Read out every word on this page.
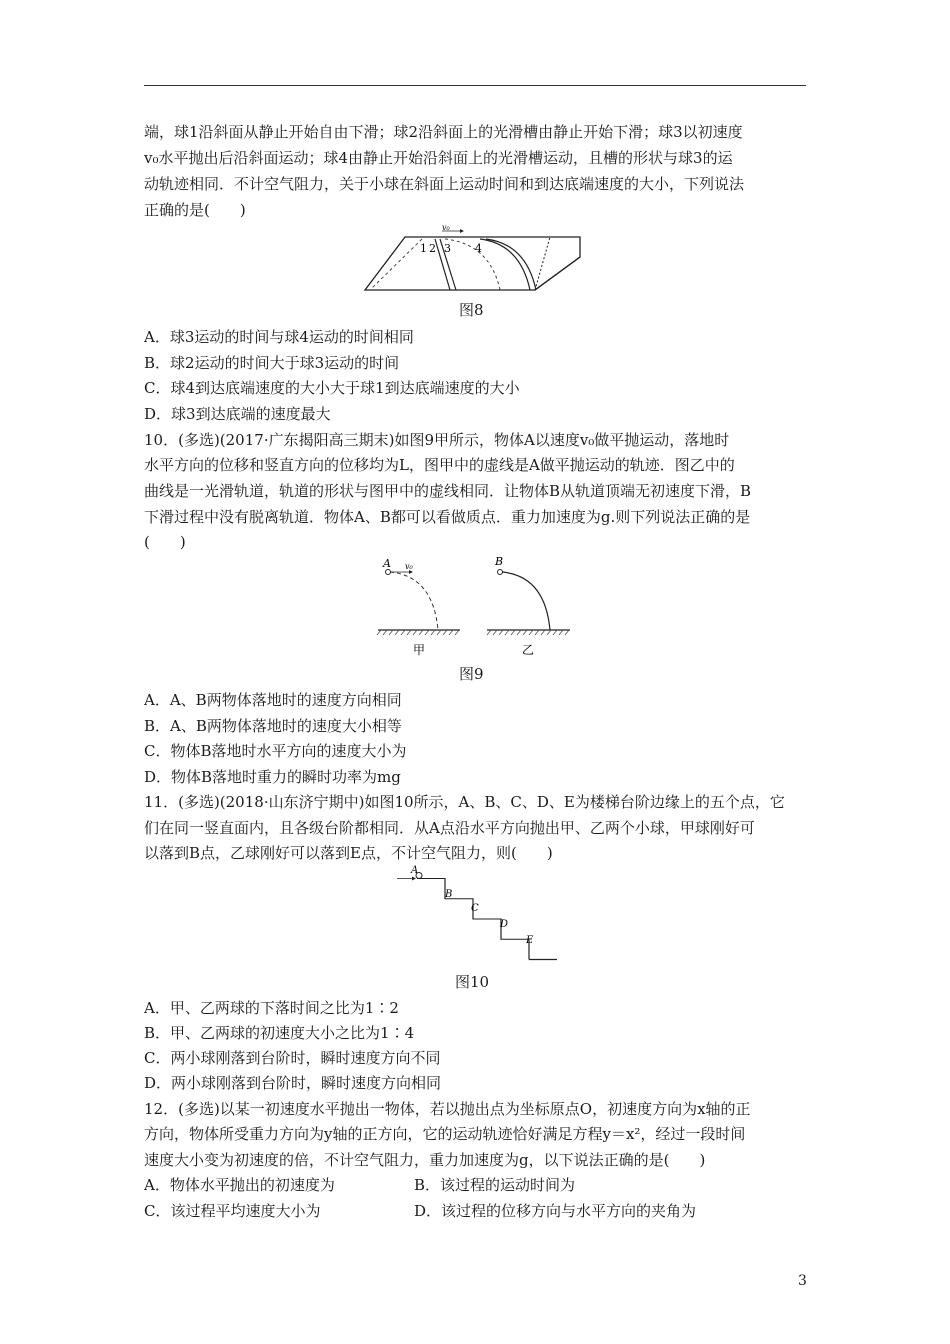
端，球1沿斜面从静止开始自由下滑；球2沿斜面上的光滑槽由静止开始下滑；球3以初速度
v₀水平抛出后沿斜面运动；球4由静止开始沿斜面上的光滑槽运动，且槽的形状与球3的运
动轨迹相同．不计空气阻力，关于小球在斜面上运动时间和到达底端速度的大小，下列说法
正确的是(　　)
v₀
1 2 3 4
图8
A．球3运动的时间与球4运动的时间相同
B．球2运动的时间大于球3运动的时间
C．球4到达底端速度的大小大于球1到达底端速度的大小
D．球3到达底端的速度最大
10．(多选)(2017·广东揭阳高三期末)如图9甲所示，物体A以速度v₀做平抛运动，落地时
水平方向的位移和竖直方向的位移均为L，图甲中的虚线是A做平抛运动的轨迹．图乙中的
曲线是一光滑轨道，轨道的形状与图甲中的虚线相同．让物体B从轨道顶端无初速度下滑，B
下滑过程中没有脱离轨道．物体A、B都可以看做质点．重力加速度为g.则下列说法正确的是
(　　)
A v₀	B
甲	乙
图9
A．A、B两物体落地时的速度方向相同
B．A、B两物体落地时的速度大小相等
C．物体B落地时水平方向的速度大小为
D．物体B落地时重力的瞬时功率为mg
11．(多选)(2018·山东济宁期中)如图10所示，A、B、C、D、E为楼梯台阶边缘上的五个点，它
们在同一竖直面内，且各级台阶都相同．从A点沿水平方向抛出甲、乙两个小球，甲球刚好可
以落到B点，乙球刚好可以落到E点，不计空气阻力，则(　　)
A
B
C
D
E
图10
A．甲、乙两球的下落时间之比为1∶2
B．甲、乙两球的初速度大小之比为1∶4
C．两小球刚落到台阶时，瞬时速度方向不同
D．两小球刚落到台阶时，瞬时速度方向相同
12．(多选)以某一初速度水平抛出一物体，若以抛出点为坐标原点O，初速度方向为x轴的正
方向，物体所受重力方向为y轴的正方向，它的运动轨迹恰好满足方程y＝x²，经过一段时间
速度大小变为初速度的倍，不计空气阻力，重力加速度为g，以下说法正确的是(　　)
A．物体水平抛出的初速度为	B．该过程的运动时间为
C．该过程平均速度大小为	D．该过程的位移方向与水平方向的夹角为
3
